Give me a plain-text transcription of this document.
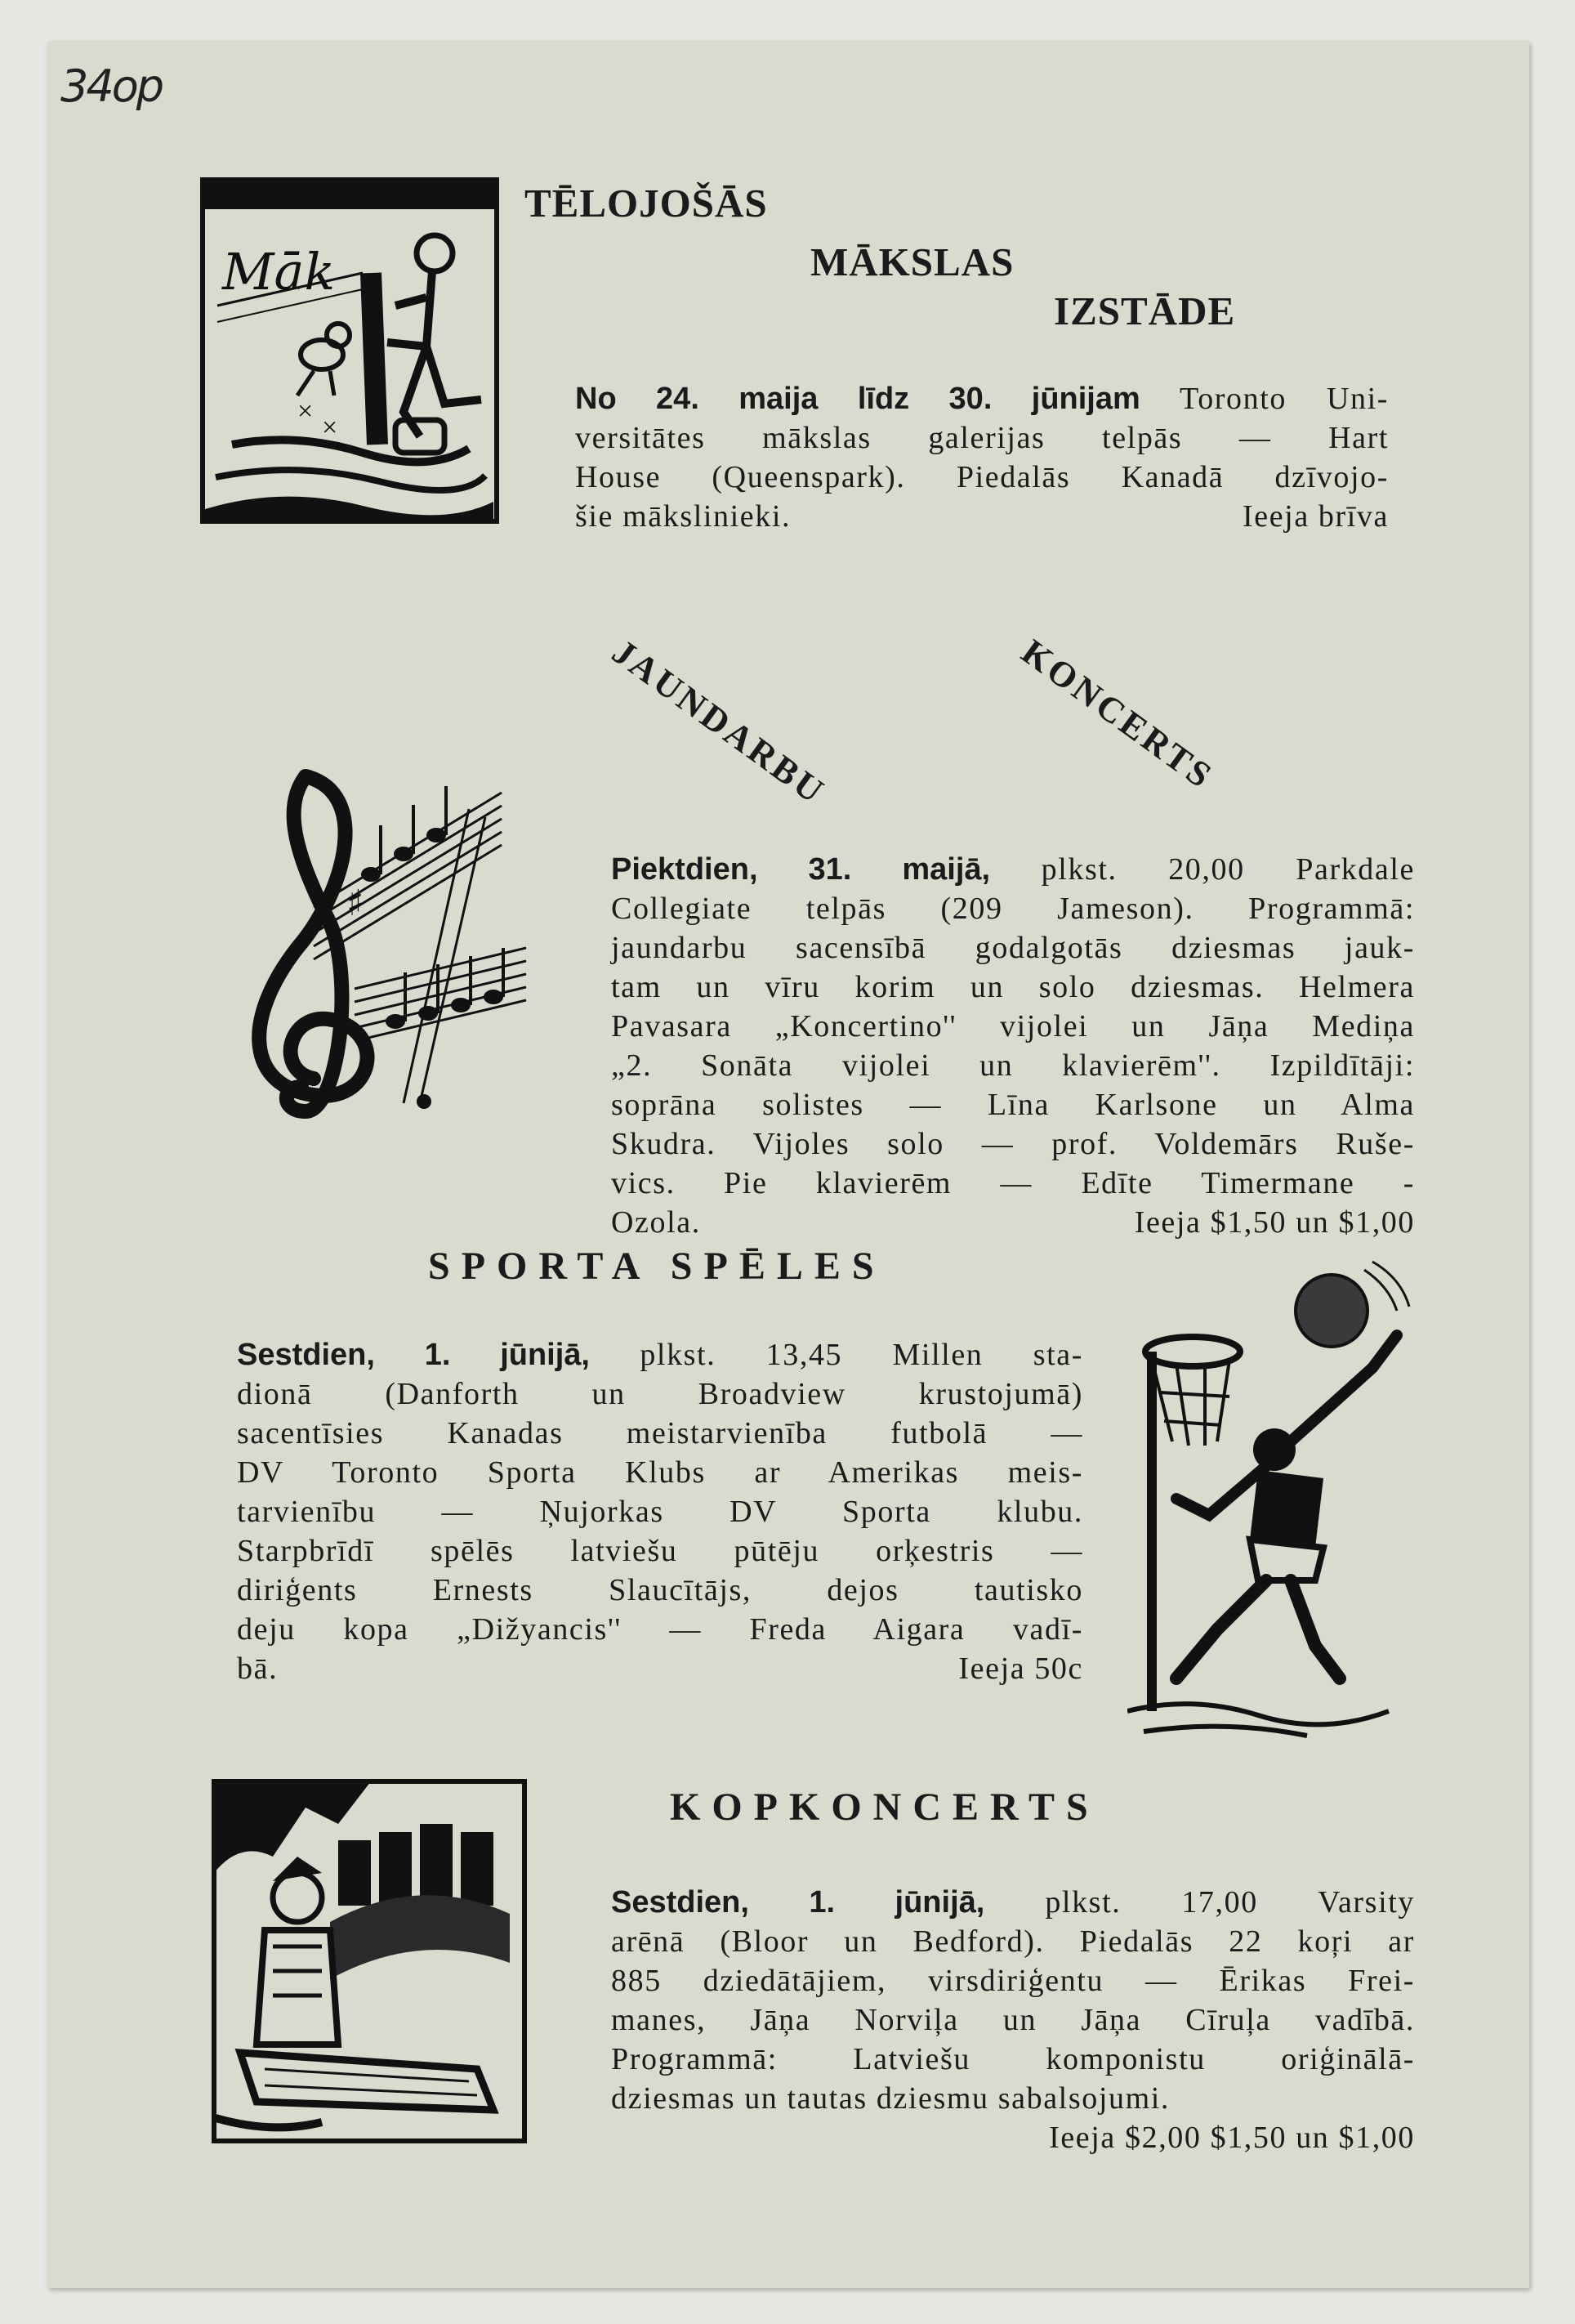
34op
Māk
×
×
TĒLOJOŠĀS
MĀKSLAS
IZSTĀDE
No 24. maija līdz 30. jūnijam Toronto Uni-
versitātes mākslas galerijas telpās — Hart
House (Queenspark). Piedalās Kanadā dzīvojo-
šie mākslinieki.	Ieeja brīva
JAUNDARBU	KONCERTS
♯
Piektdien, 31. maijā, plkst. 20,00 Parkdale
Collegiate telpās (209 Jameson). Programmā:
jaundarbu sacensībā godalgotās dziesmas jauk-
tam un vīru korim un solo dziesmas. Helmera
Pavasara „Koncertino'' vijolei un Jāņa Mediņa
„2. Sonāta vijolei un klavierēm''. Izpildītāji:
soprāna solistes — Līna Karlsone un Alma
Skudra. Vijoles solo — prof. Voldemārs Ruše-
vics. Pie klavierēm — Edīte Timermane -
Ozola.	Ieeja $1,50 un $1,00
SPORTA SPĒLES
Sestdien, 1. jūnijā, plkst. 13,45 Millen sta-
dionā (Danforth un Broadview krustojumā)
sacentīsies Kanadas meistarvienība futbolā —
DV Toronto Sporta Klubs ar Amerikas meis-
tarvienību — Ņujorkas DV Sporta klubu.
Starpbrīdī spēlēs latviešu pūtēju orķestris —
diriģents Ernests Slaucītājs, dejos tautisko
deju kopa „Dižyancis'' — Freda Aigara vadī-
bā.	Ieeja 50c
KOPKONCERTS
Sestdien, 1. jūnijā, plkst. 17,00 Varsity
arēnā (Bloor un Bedford). Piedalās 22 koŗi ar
885 dziedātājiem, virsdiriģentu — Ērikas Frei-
manes, Jāņa Norviļa un Jāņa Cīruļa vadībā.
Programmā: Latviešu komponistu oriģinālā-
dziesmas un tautas dziesmu sabalsojumi.
Ieeja $2,00 $1,50 un $1,00
